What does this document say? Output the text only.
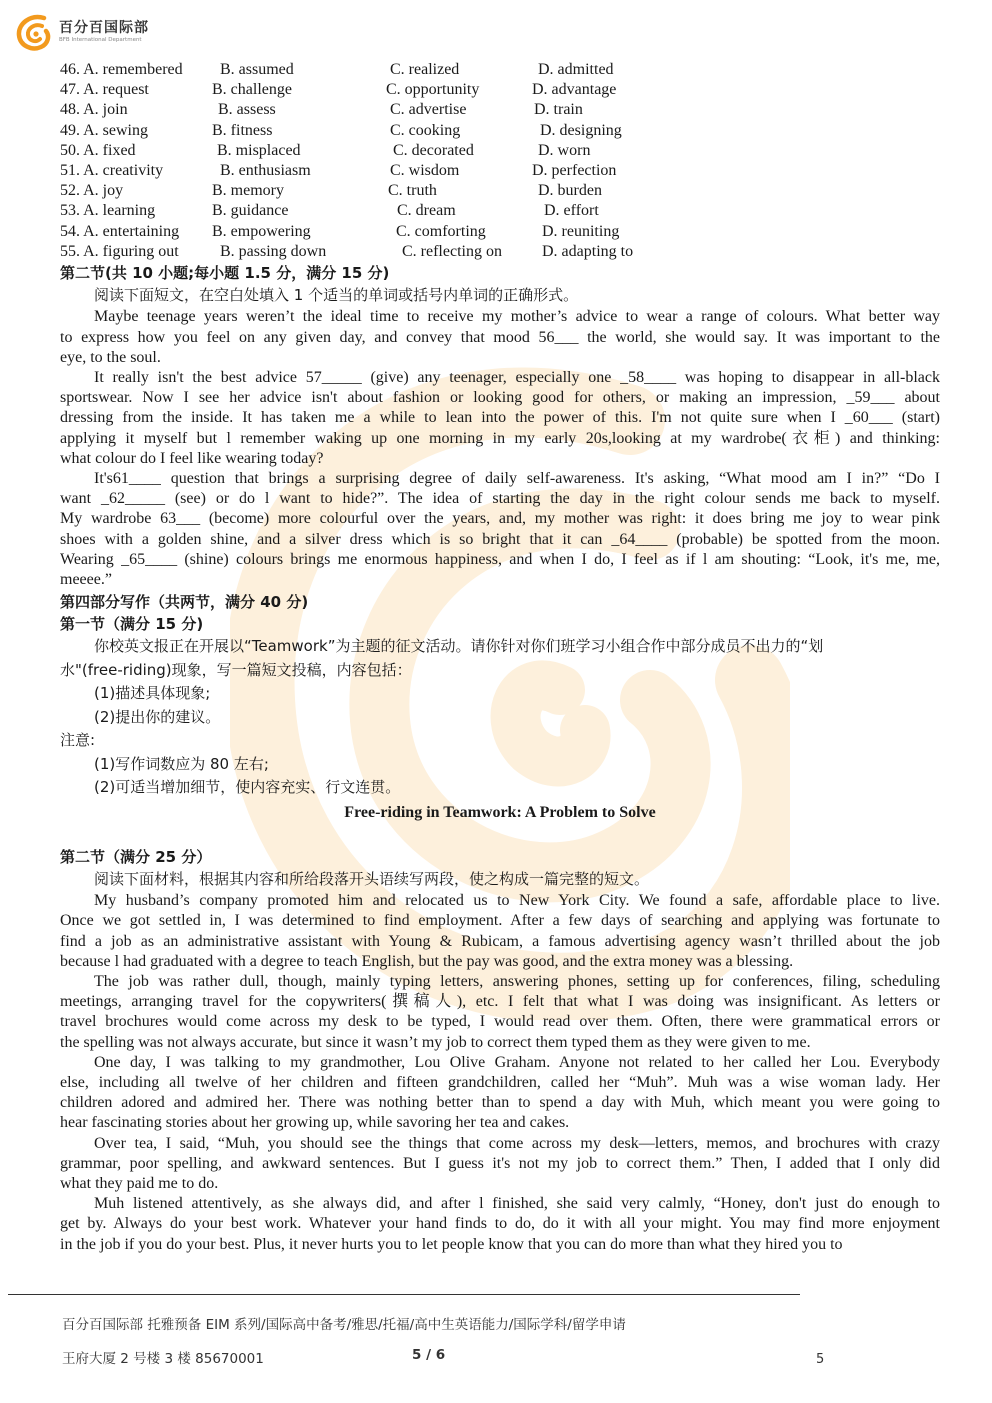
百分百国际部
BFB International Department
46. A. remembered B. assumed	C. realized	D. admitted
47. A. request	B. challenge	C. opportunity	D. advantage
48. A. join	B. assess	C. advertise	D. train
49. A. sewing	B. fitness	C. cooking	D. designing
50. A. fixed	B. misplaced	C. decorated	D. worn
51. A. creativity	B. enthusiasm	C. wisdom	D. perfection
52. A. joy	B. memory	C. truth	D. burden
53. A. learning	B. guidance	C. dream	D. effort
54. A. entertaining B. empowering	C. comforting	D. reuniting
55. A. figuring out	B. passing down	C. reflecting on	D. adapting to
第二节(共 10 小题;每小题 1.5 分，满分 15 分)
阅读下面短文，在空白处填入 1 个适当的单词或括号内单词的正确形式。

Maybe teenage years weren’t the ideal time to receive my mother’s advice to wear a range of colours. What better way
to express how you feel on any given day, and convey that mood 56___ the world, she would say. It was important to the
eye, to the soul.

It really isn't the best advice 57_____ (give) any teenager, especially one _58____ was hoping to disappear in all-black
sportswear. Now I see her advice isn't about fashion or looking good for others, or making an impression, _59___ about
dressing from the inside. It has taken me a while to lean into the power of this. I'm not quite sure when I _60___ (start)
applying it myself but l remember waking up one morning in my early 20s,looking at my wardrobe(衣柜) and thinking:
what colour do I feel like wearing today?

It's61____ question that brings a surprising degree of daily self-awareness. It's asking, “What mood am I in?” “Do I
want _62_____ (see) or do l want to hide?”. The idea of starting the day in the right colour sends me back to myself.
My wardrobe 63___ (become) more colourful over the years, and, my mother was right: it does bring me joy to wear pink
shoes with a golden shine, and a silver dress which is so bright that it can _64____ (probable) be spotted from the moon.
Wearing _65____ (shine) colours brings me enormous happiness, and when I do, I feel as if l am shouting: “Look, it's me, me,
meeee.”

第四部分写作（共两节，满分 40 分)
第一节（满分 15 分)
你校英文报正在开展以“Teamwork”为主题的征文活动。请你针对你们班学习小组合作中部分成员不出力的“划
水"(free-riding)现象，写一篇短文投稿，内容包括：
(1)描述具体现象;
(2)提出你的建议。
注意:
(1)写作词数应为 80 左右;
(2)可适当增加细节，使内容充实、行文连贯。
Free-riding in Teamwork: A Problem to Solve
第二节（满分 25 分）
阅读下面材料，根据其内容和所给段落开头语续写两段，使之构成一篇完整的短文。

My husband’s company promoted him and relocated us to New York City. We found a safe, affordable place to live.
Once we got settled in, I was determined to find employment. After a few days of searching and applying was fortunate to
find a job as an administrative assistant with Young & Rubicam, a famous advertising agency wasn’t thrilled about the job
because l had graduated with a degree to teach English, but the pay was good, and the extra money was a blessing.

The job was rather dull, though, mainly typing letters, answering phones, setting up for conferences, filing, scheduling
meetings, arranging travel for the copywriters(撰稿人), etc. I felt that what I was doing was insignificant. As letters or
travel brochures would come across my desk to be typed, I would read over them. Often, there were grammatical errors or
the spelling was not always accurate, but since it wasn’t my job to correct them typed them as they were given to me.

One day, I was talking to my grandmother, Lou Olive Graham. Anyone not related to her called her Lou. Everybody
else, including all twelve of her children and fifteen grandchildren, called her “Muh”. Muh was a wise woman lady. Her
children adored and admired her. There was nothing better than to spend a day with Muh, which meant you were going to
hear fascinating stories about her growing up, while savoring her tea and cakes.

Over tea, I said, “Muh, you should see the things that come across my desk—letters, memos, and brochures with crazy
grammar, poor spelling, and awkward sentences. But I guess it's not my job to correct them.” Then, I added that I only did
what they paid me to do.

Muh listened attentively, as she always did, and after l finished, she said very calmly, “Honey, don't just do enough to
get by. Always do your best work. Whatever your hand finds to do, do it with all your might. You may find more enjoyment
in the job if you do your best. Plus, it never hurts you to let people know that you can do more than what they hired you to

百分百国际部 托雅预备 EIM 系列/国际高中备考/雅思/托福/高中生英语能力/国际学科/留学申请
王府大厦 2 号楼 3 楼 85670001	5 / 6	5
